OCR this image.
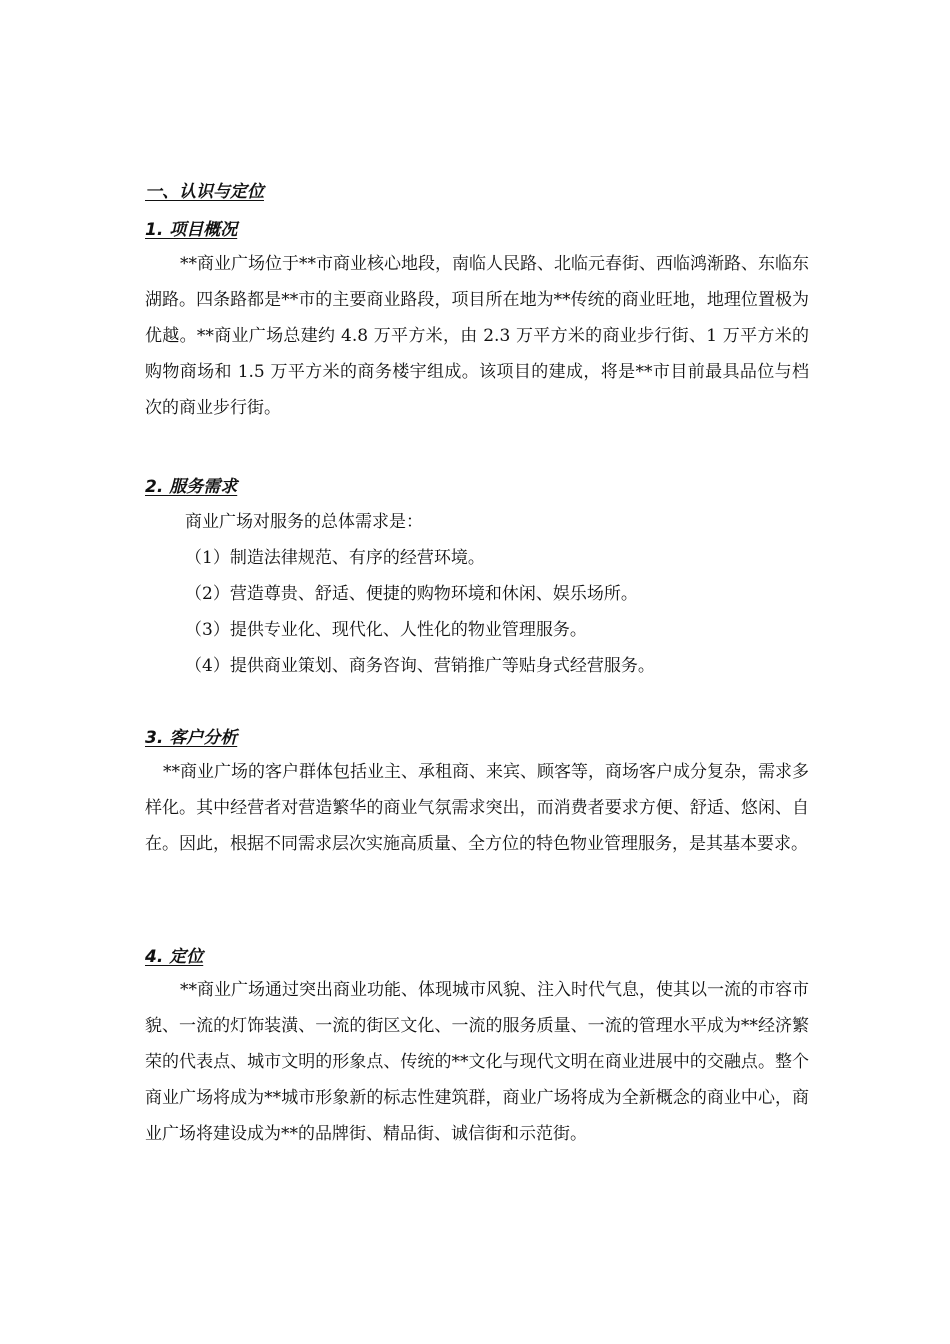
一、认识与定位
1. 项目概况

**商业广场位于**市商业核心地段，南临人民路、北临元春街、西临鸿渐路、东临东湖路。四条路都是**市的主要商业路段，项目所在地为**传统的商业旺地，地理位置极为优越。**商业广场总建约 4.8 万平方米，由 2.3 万平方米的商业步行街、1 万平方米的购物商场和 1.5 万平方米的商务楼宇组成。该项目的建成，将是**市目前最具品位与档次的商业步行街。

2. 服务需求
商业广场对服务的总体需求是：
（1）制造法律规范、有序的经营环境。
（2）营造尊贵、舒适、便捷的购物环境和休闲、娱乐场所。
（3）提供专业化、现代化、人性化的物业管理服务。
（4）提供商业策划、商务咨询、营销推广等贴身式经营服务。
3. 客户分析

**商业广场的客户群体包括业主、承租商、来宾、顾客等，商场客户成分复杂，需求多样化。其中经营者对营造繁华的商业气氛需求突出，而消费者要求方便、舒适、悠闲、自在。因此，根据不同需求层次实施高质量、全方位的特色物业管理服务，是其基本要求。

4. 定位

**商业广场通过突出商业功能、体现城市风貌、注入时代气息，使其以一流的市容市貌、一流的灯饰装潢、一流的街区文化、一流的服务质量、一流的管理水平成为**经济繁荣的代表点、城市文明的形象点、传统的**文化与现代文明在商业进展中的交融点。整个商业广场将成为**城市形象新的标志性建筑群，商业广场将成为全新概念的商业中心，商业广场将建设成为**的品牌街、精品街、诚信街和示范街。
